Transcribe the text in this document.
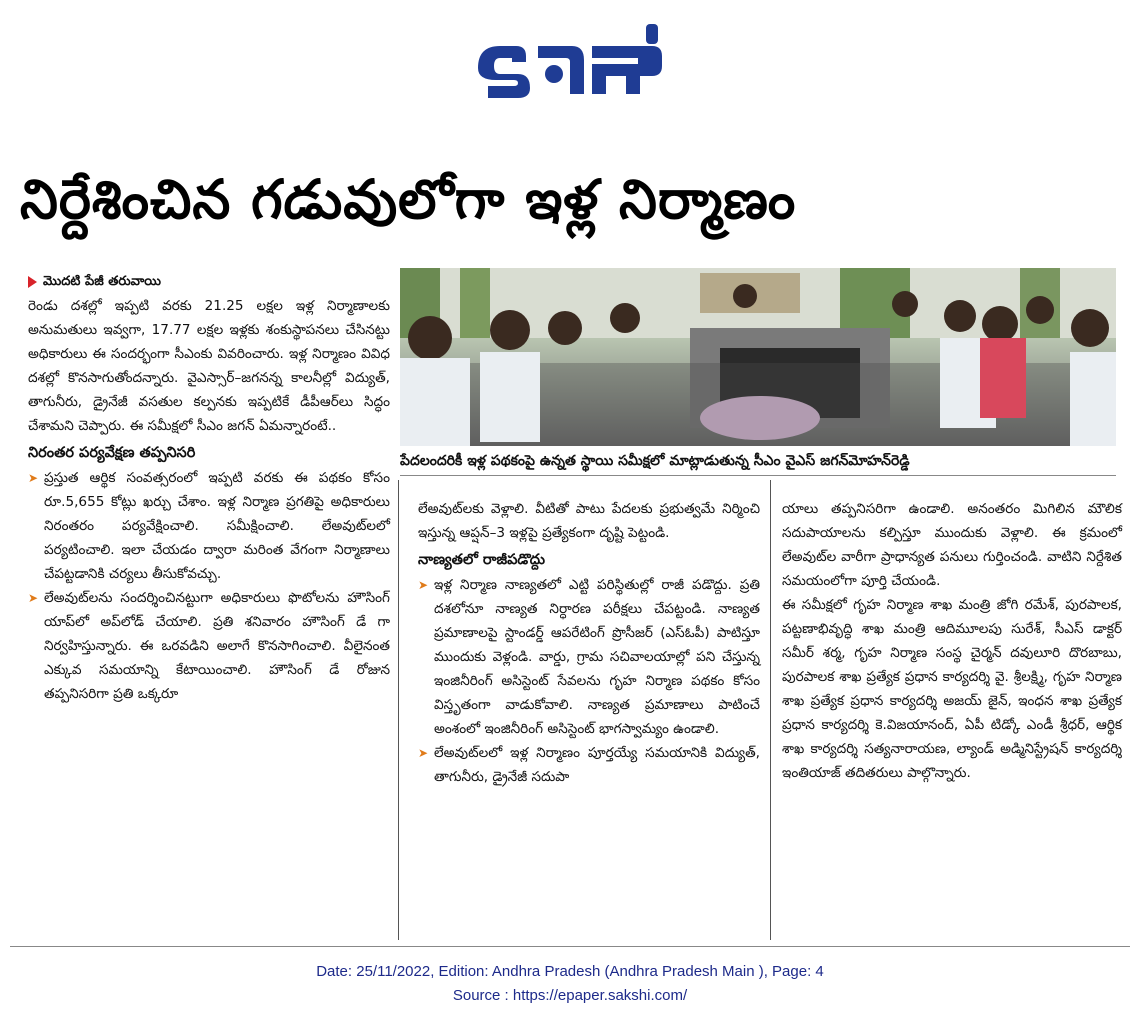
నిర్దేశించిన గడువులోగా ఇళ్ల నిర్మాణం
మొదటి పేజీ తరువాయి

రెండు దశల్లో ఇప్పటి వరకు 21.25 లక్షల ఇళ్ల నిర్మాణాలకు అనుమతులు ఇవ్వగా, 17.77 లక్షల ఇళ్లకు శంకుస్థాపనలు చేసినట్టు అధికారులు ఈ సందర్భంగా సీఎంకు వివరించారు. ఇళ్ల నిర్మాణం వివిధ దశల్లో కొనసాగుతోందన్నారు. వైఎస్సార్‌–జగనన్న కాలనీల్లో విద్యుత్, తాగునీరు, డ్రైనేజీ వసతుల కల్పనకు ఇప్పటికే డీపీఆర్‌లు సిద్ధం చేశామని చెప్పారు. ఈ సమీక్షలో సీఎం జగన్‌ ఏమన్నారంటే..

నిరంతర పర్యవేక్షణ తప్పనిసరి

➤ ప్రస్తుత ఆర్థిక సంవత్సరంలో ఇప్పటి వరకు ఈ పథకం కోసం రూ.5,655 కోట్లు ఖర్చు చేశాం. ఇళ్ల నిర్మాణ ప్రగతిపై అధికారులు నిరంతరం పర్యవేక్షించాలి. సమీక్షించాలి. లేఅవుట్‌లలో పర్యటించాలి. ఇలా చేయడం ద్వారా మరింత వేగంగా నిర్మాణాలు చేపట్టడానికి చర్యలు తీసుకోవచ్చు.

➤ లేఅవుట్‌లను సందర్శించినట్టుగా అధికారులు ఫొటోలను హౌసింగ్‌ యాప్‌లో అప్‌లోడ్‌ చేయాలి. ప్రతి శనివారం హౌసింగ్‌ డే గా నిర్వహిస్తున్నారు. ఈ ఒరవడిని అలాగే కొనసాగించాలి. వీలైనంత ఎక్కువ సమయాన్ని కేటాయించాలి. హౌసింగ్‌ డే రోజున తప్పనిసరిగా ప్రతి ఒక్కరూ

పేదలందరికీ ఇళ్ల పథకంపై ఉన్నత స్థాయి సమీక్షలో మాట్లాడుతున్న సీఎం వైఎస్‌ జగన్‌మోహన్‌రెడ్డి

లేఅవుట్‌లకు వెళ్లాలి. వీటితో పాటు పేదలకు ప్రభుత్వమే నిర్మించి ఇస్తున్న ఆప్షన్‌–3 ఇళ్లపై ప్రత్యేకంగా దృష్టి పెట్టండి.

నాణ్యతలో రాజీపడొద్దు

➤ ఇళ్ల నిర్మాణ నాణ్యతలో ఎట్టి పరిస్థితుల్లో రాజీ పడొద్దు. ప్రతి దశలోనూ నాణ్యత నిర్ధారణ పరీక్షలు చేపట్టండి. నాణ్యత ప్రమాణాలపై స్టాండర్డ్‌ ఆపరేటింగ్‌ ప్రొసీజర్‌ (ఎస్‌ఓపీ) పాటిస్తూ ముందుకు వెళ్లండి. వార్డు, గ్రామ సచివాలయాల్లో పని చేస్తున్న ఇంజినీరింగ్‌ అసిస్టెంట్‌ సేవలను గృహ నిర్మాణ పథకం కోసం విస్తృతంగా వాడుకోవాలి. నాణ్యత ప్రమాణాలు పాటించే అంశంలో ఇంజినీరింగ్‌ అసిస్టెంట్‌ భాగస్వామ్యం ఉండాలి.

➤ లేఅవుట్‌లలో ఇళ్ల నిర్మాణం పూర్తయ్యే సమయానికి విద్యుత్, తాగునీరు, డ్రైనేజీ సదుపా

యాలు తప్పనిసరిగా ఉండాలి. అనంతరం మిగిలిన మౌలిక సదుపాయాలను కల్పిస్తూ ముందుకు వెళ్లాలి. ఈ క్రమంలో లేఅవుట్‌ల వారీగా ప్రాధాన్యత పనులు గుర్తించండి. వాటిని నిర్దేశిత సమయంలోగా పూర్తి చేయండి.

ఈ సమీక్షలో గృహ నిర్మాణ శాఖ మంత్రి జోగి రమేశ్, పురపాలక, పట్టణాభివృద్ధి శాఖ మంత్రి ఆదిమూలపు సురేశ్, సీఎస్‌ డాక్టర్‌ సమీర్‌ శర్మ, గృహ నిర్మాణ సంస్థ చైర్మన్‌ దవులూరి దొరబాబు, పురపాలక శాఖ ప్రత్యేక ప్రధాన కార్యదర్శి వై. శ్రీలక్ష్మి, గృహ నిర్మాణ శాఖ ప్రత్యేక ప్రధాన కార్యదర్శి అజయ్‌ జైన్, ఇంధన శాఖ ప్రత్యేక ప్రధాన కార్యదర్శి కె.విజయానంద్, ఏపీ టిడ్కో ఎండీ శ్రీధర్, ఆర్థిక శాఖ కార్యదర్శి సత్యనారాయణ, ల్యాండ్‌ అడ్మినిస్ట్రేషన్‌ కార్యదర్శి ఇంతియాజ్‌ తదితరులు పాల్గొన్నారు.

Date: 25/11/2022, Edition: Andhra Pradesh (Andhra Pradesh Main ), Page: 4
Source : https://epaper.sakshi.com/
